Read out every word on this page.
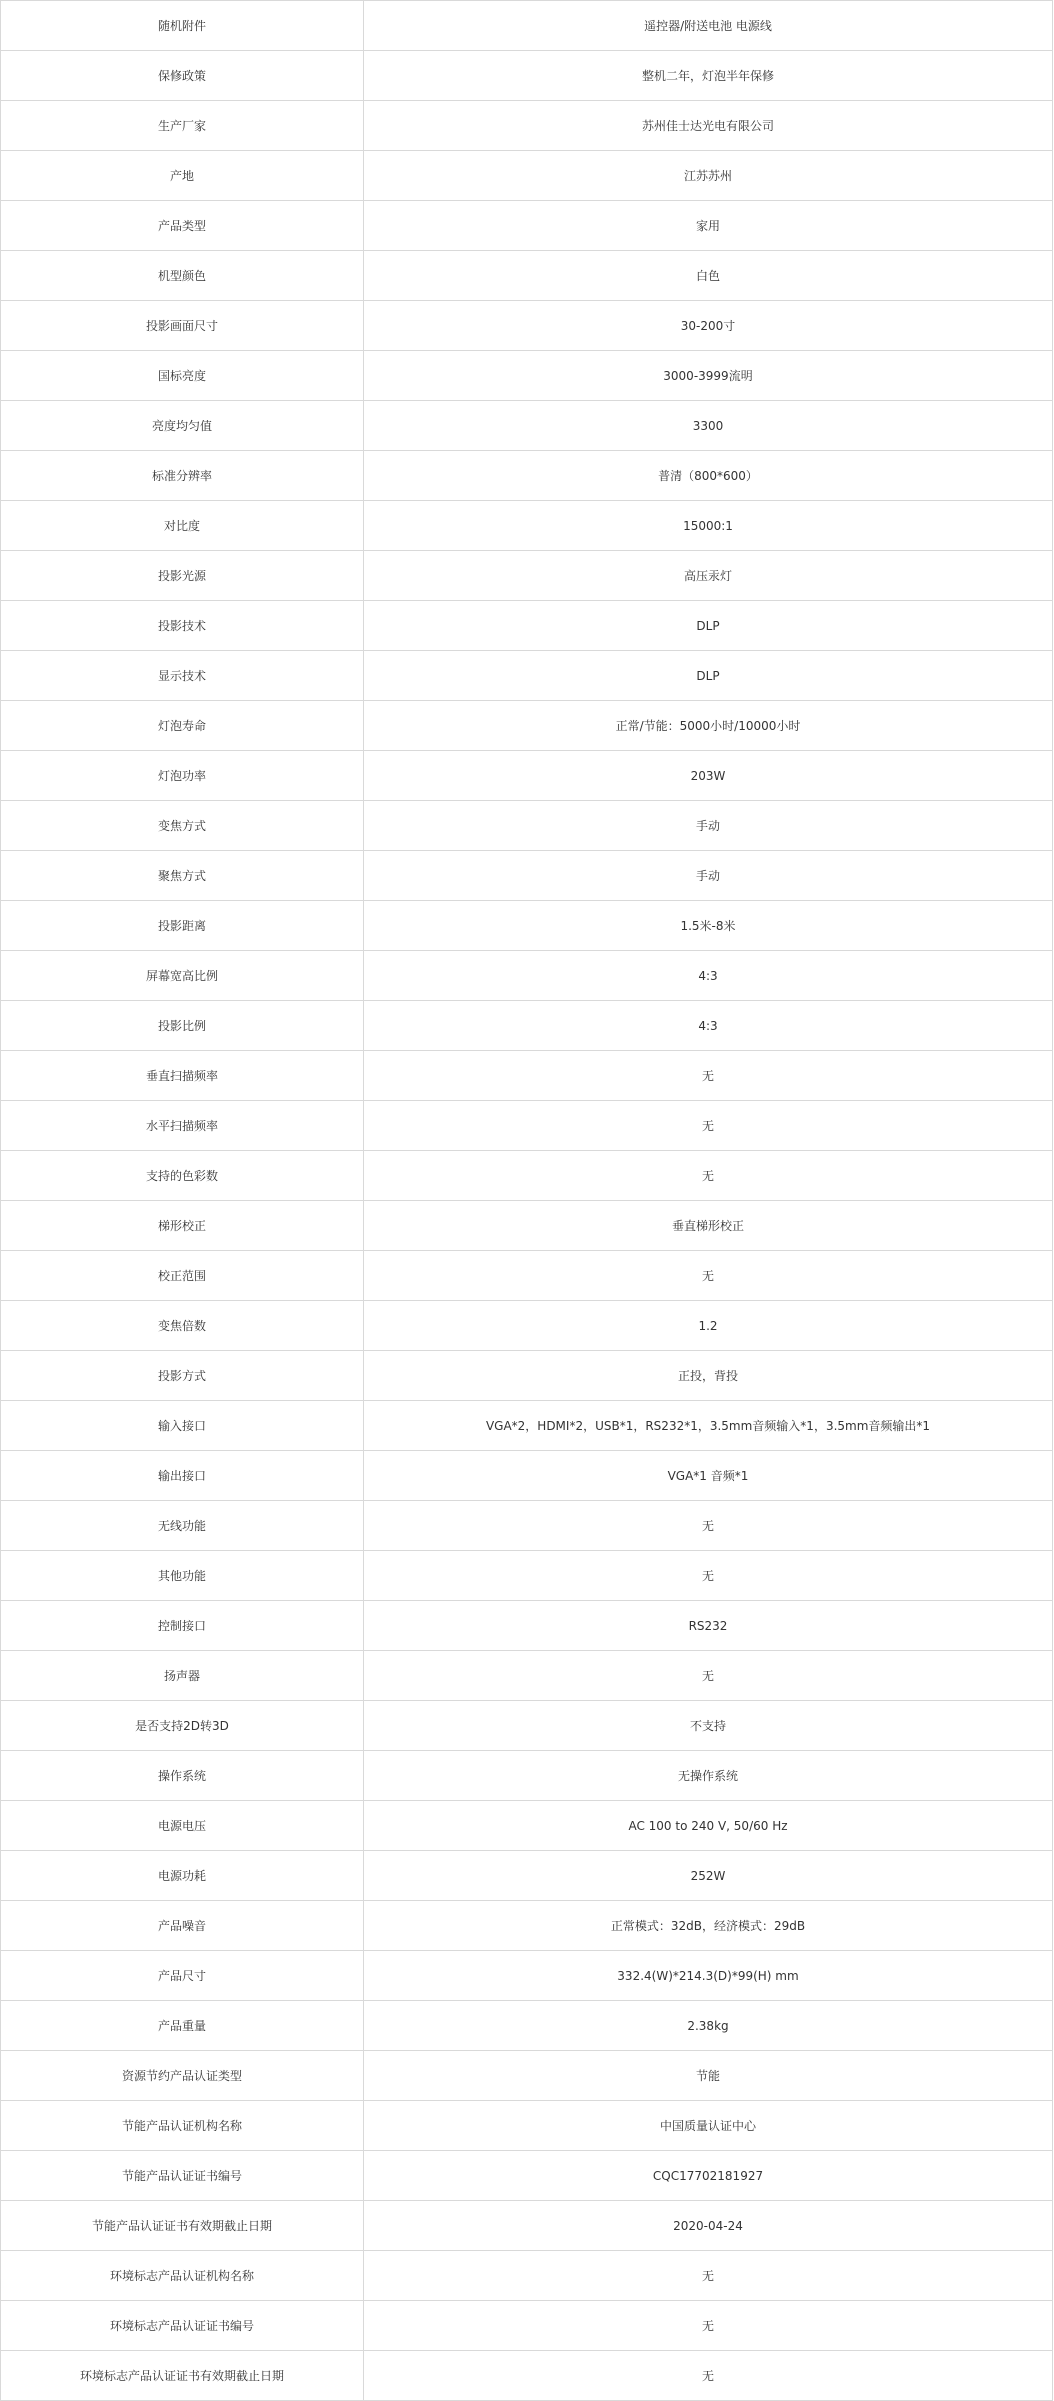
随机附件	遥控器/附送电池 电源线
保修政策	整机二年，灯泡半年保修
生产厂家	苏州佳士达光电有限公司
产地	江苏苏州
产品类型	家用
机型颜色	白色
投影画面尺寸	30-200寸
国标亮度	3000-3999流明
亮度均匀值	3300
标准分辨率	普清（800*600）
对比度	15000:1
投影光源	高压汞灯
投影技术	DLP
显示技术	DLP
灯泡寿命	正常/节能：5000小时/10000小时
灯泡功率	203W
变焦方式	手动
聚焦方式	手动
投影距离	1.5米-8米
屏幕宽高比例	4:3
投影比例	4:3
垂直扫描频率	无
水平扫描频率	无
支持的色彩数	无
梯形校正	垂直梯形校正
校正范围	无
变焦倍数	1.2
投影方式	正投，背投
输入接口	VGA*2，HDMI*2，USB*1，RS232*1，3.5mm音频输入*1，3.5mm音频输出*1
输出接口	VGA*1 音频*1
无线功能	无
其他功能	无
控制接口	RS232
扬声器	无
是否支持2D转3D	不支持
操作系统	无操作系统
电源电压	AC 100 to 240 V, 50/60 Hz
电源功耗	252W
产品噪音	正常模式：32dB，经济模式：29dB
产品尺寸	332.4(W)*214.3(D)*99(H) mm
产品重量	2.38kg
资源节约产品认证类型	节能
节能产品认证机构名称	中国质量认证中心
节能产品认证证书编号	CQC17702181927
节能产品认证证书有效期截止日期	2020-04-24
环境标志产品认证机构名称	无
环境标志产品认证证书编号	无
环境标志产品认证证书有效期截止日期	无
